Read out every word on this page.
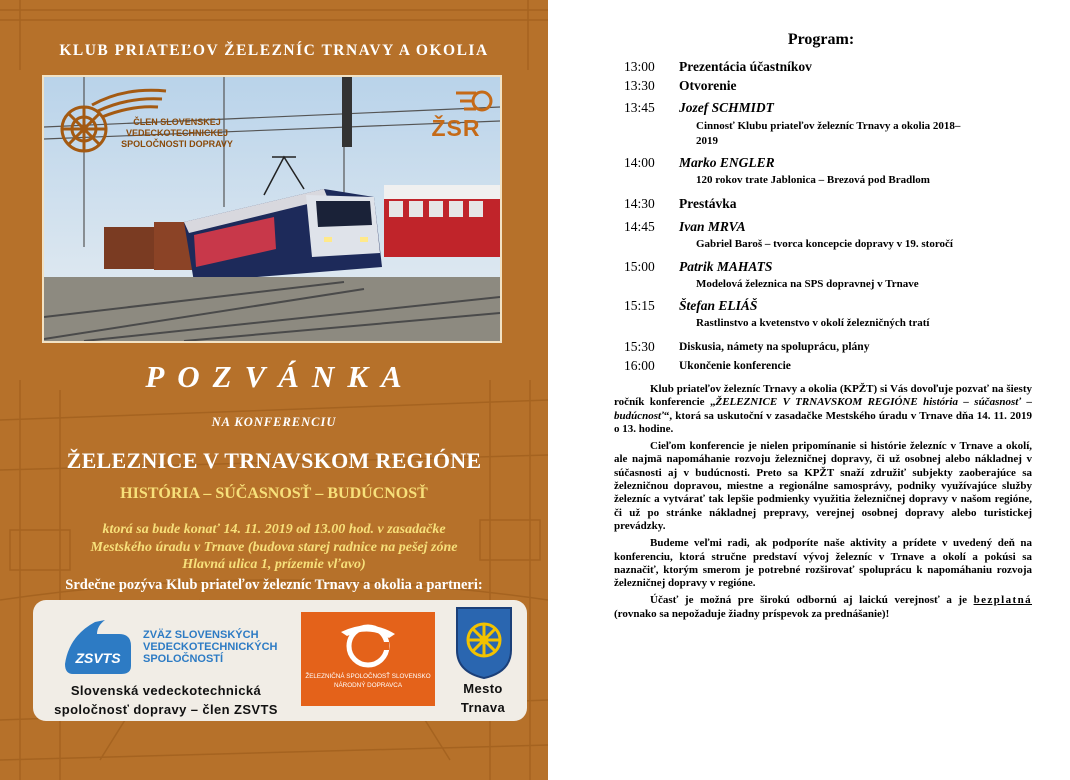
KLUB PRIATEĽOV ŽELEZNÍC TRNAVY A OKOLIA
ČLEN SLOVENSKEJ
VEDECKOTECHNICKEJ
SPOLOČNOSTI DOPRAVY
ŽSR
POZVÁNKA
NA KONFERENCIU
ŽELEZNICE V TRNAVSKOM REGIÓNE
HISTÓRIA – SÚČASNOSŤ – BUDÚCNOSŤ
ktorá sa bude konať 14. 11. 2019 od 13.00 hod. v zasadačke
Mestského úradu v Trnave (budova starej radnice na pešej zóne
Hlavná ulica 1, prízemie vľavo)
Srdečne pozýva Klub priateľov železníc Trnavy a okolia a partneri:
ZSVTS
ZVÄZ SLOVENSKÝCH
VEDECKOTECHNICKÝCH
SPOLOČNOSTÍ
Slovenská vedeckotechnická
spoločnosť dopravy – člen ZSVTS
ŽELEZNIČNÁ SPOLOČNOSŤ SLOVENSKO
NÁRODNÝ DOPRAVCA	Mesto
Trnava
Program:
13:00 Prezentácia účastníkov
13:30 Otvorenie
13:45 Jozef SCHMIDT
Cinnosť Klubu priateľov železníc Trnavy a okolia 2018–
2019
14:00 Marko ENGLER
120 rokov trate Jablonica – Brezová pod Bradlom
14:30 Prestávka
14:45 Ivan MRVA
Gabriel Baroš – tvorca koncepcie dopravy v 19. storočí
15:00 Patrik MAHATS
Modelová železnica na SPS dopravnej v Trnave
15:15 Štefan ELIÁŠ
Rastlinstvo a kvetenstvo v okolí železničných tratí
15:30 Diskusia, námety na spoluprácu, plány
16:00 Ukončenie konferencie

Klub priateľov železníc Trnavy a okolia (KPŽT) si Vás dovoľuje pozvať na šiesty ročník konferencie „ŽELEZNICE V TRNAVSKOM REGIÓNE história – súčasnosť – budúcnosť“, ktorá sa uskutoční v zasadačke Mestského úradu v Trnave dňa 14. 11. 2019 o 13. hodine.

Cieľom konferencie je nielen pripomínanie si histórie železníc v Trnave a okolí, ale najmä napomáhanie rozvoju železničnej dopravy, či už osobnej alebo nákladnej v súčasnosti aj v budúcnosti. Preto sa KPŽT snaží združiť subjekty zaoberajúce sa železničnou dopravou, miestne a regionálne samosprávy, podniky využívajúce služby železníc a vytvárať tak lepšie podmienky využitia železničnej dopravy v našom regióne, či už po stránke nákladnej prepravy, verejnej osobnej dopravy alebo turistickej prevádzky.

Budeme veľmi radi, ak podporíte naše aktivity a prídete v uvedený deň na konferenciu, ktorá stručne predstaví vývoj železníc v Trnave a okolí a pokúsi sa naznačiť, ktorým smerom je potrebné rozširovať spoluprácu k napomáhaniu rozvoja železničnej dopravy v regióne.

Účasť je možná pre širokú odbornú aj laickú verejnosť a je bezplatná (rovnako sa nepožaduje žiadny príspevok za prednášanie)!
